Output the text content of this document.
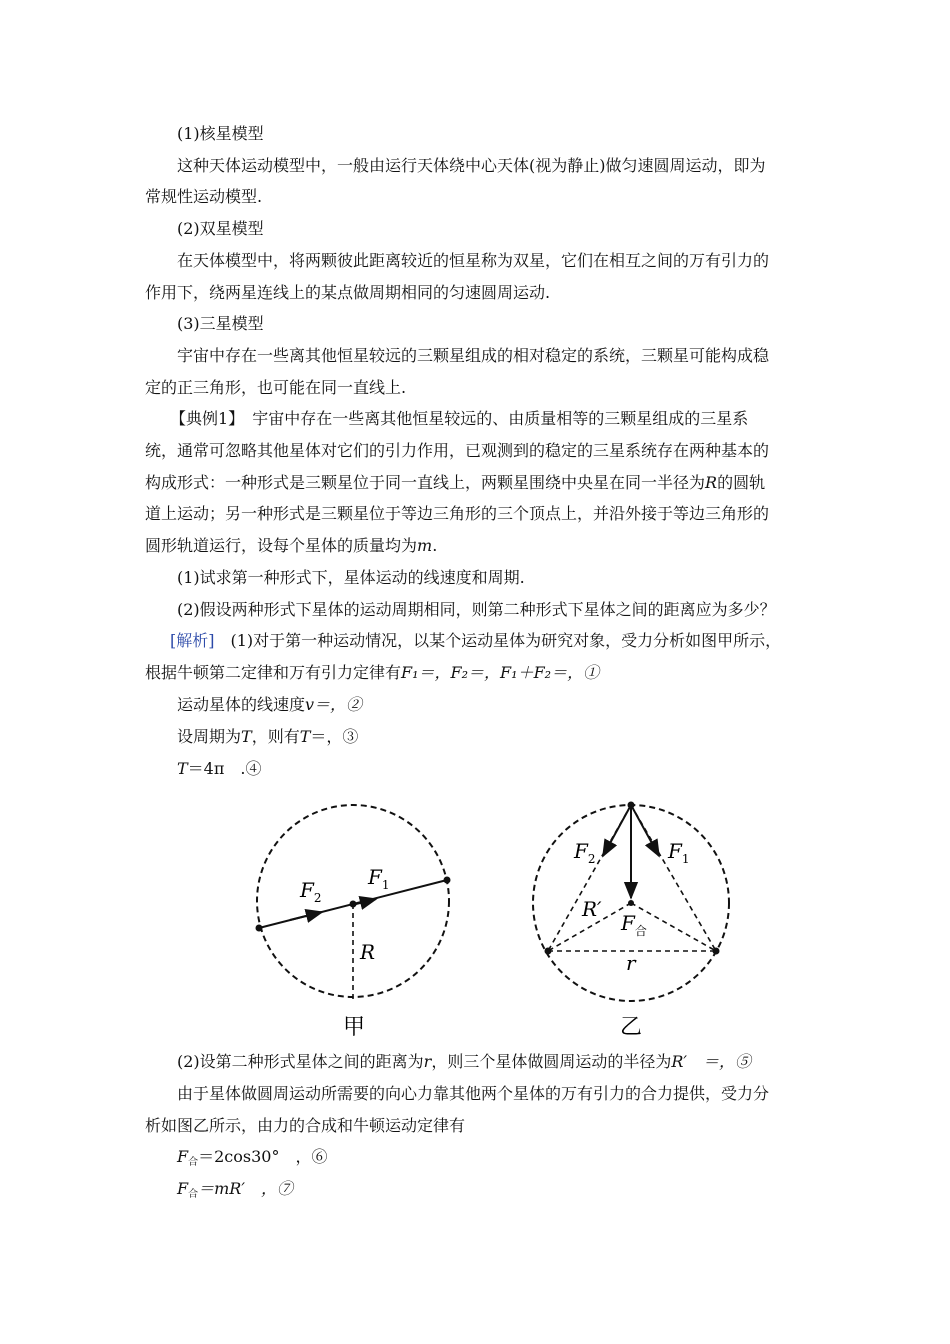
(1)核星模型
这种天体运动模型中，一般由运行天体绕中心天体(视为静止)做匀速圆周运动，即为
常规性运动模型.
(2)双星模型
在天体模型中，将两颗彼此距离较近的恒星称为双星，它们在相互之间的万有引力的
作用下，绕两星连线上的某点做周期相同的匀速圆周运动.
(3)三星模型
宇宙中存在一些离其他恒星较远的三颗星组成的相对稳定的系统，三颗星可能构成稳
定的正三角形，也可能在同一直线上.
【典例1】　宇宙中存在一些离其他恒星较远的、由质量相等的三颗星组成的三星系
统，通常可忽略其他星体对它们的引力作用，已观测到的稳定的三星系统存在两种基本的
构成形式：一种形式是三颗星位于同一直线上，两颗星围绕中央星在同一半径为R的圆轨
道上运动；另一种形式是三颗星位于等边三角形的三个顶点上，并沿外接于等边三角形的
圆形轨道运行，设每个星体的质量均为m.
(1)试求第一种形式下，星体运动的线速度和周期.
(2)假设两种形式下星体的运动周期相同，则第二种形式下星体之间的距离应为多少？
[解析]　(1)对于第一种运动情况，以某个运动星体为研究对象，受力分析如图甲所示，
根据牛顿第二定律和万有引力定律有F₁＝，F₂＝，F₁＋F₂＝，①
运动星体的线速度v＝，②
设周期为T，则有T＝，③
T＝4π　.④
$F_2$
$F_1$
R
甲
$F_2$	$F_1$
R′
$F_合$
r
乙
(2)设第二种形式星体之间的距离为r，则三个星体做圆周运动的半径为R′　＝，⑤
由于星体做圆周运动所需要的向心力靠其他两个星体的万有引力的合力提供，受力分
析如图乙所示，由力的合成和牛顿运动定律有
$F_合=2\cos 30^\circ$　，⑥
$F_合=mR'$　，⑦
